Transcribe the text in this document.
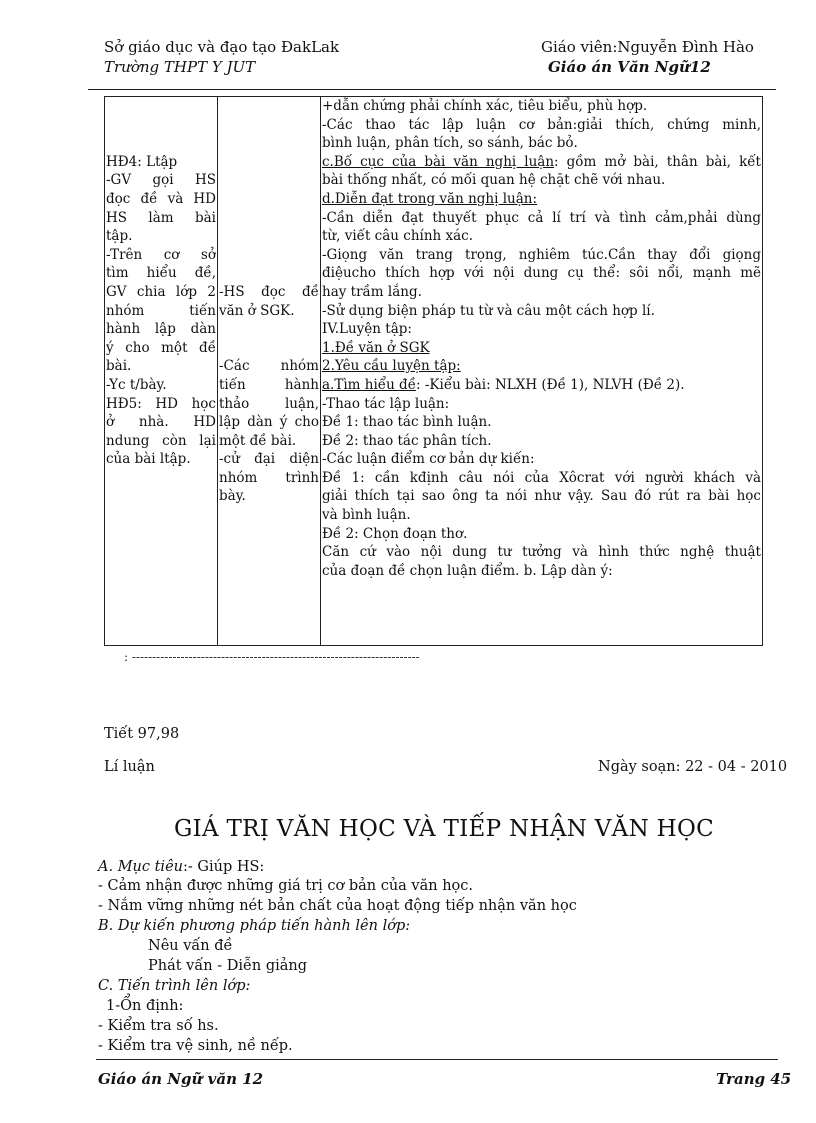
Sở giáo dục và đạo tạo ĐakLak
Trường THPT Y JUT
Giáo viên:Nguyễn Đình Hào
Giáo án Văn Ngữ12

HĐ4: Ltập
-GV gọi HS
đọc đề và HD
HS làm bài
tập.
-Trên cơ sở
tìm hiểu đề,
GV chia lớp 2
nhóm tiến
hành lập dàn
ý cho một đề
bài.
-Yc t/bày.
HĐ5: HD học
ở nhà. HD
ndung còn lại
của bài ltập.

-HS đọc đề
văn ở SGK.

-Các nhóm
tiến hành
thảo luận,
lập dàn ý cho
một đề bài.
-cử đại diện
nhóm trình
bày.

+dẫn chứng phải chính xác, tiêu biểu, phù hợp.
-Các thao tác lập luận cơ bản:giải thích, chứng minh,
bình luận, phân tích, so sánh, bác bỏ.
c.Bố cục của bài văn nghị luận: gồm mở bài, thân bài, kết
bài thống nhất, có mối quan hệ chặt chẽ với nhau.
d.Diễn đạt trong văn nghị luận:
-Cần diễn đạt thuyết phục cả lí trí và tình cảm,phải dùng
từ, viết câu chính xác.
-Giọng văn trang trọng, nghiêm túc.Cần thay đổi giọng
điệucho thích hợp với nội dung cụ thể: sôi nổi, mạnh mẽ
hay trầm lắng.
-Sử dụng biện pháp tu từ và câu một cách hợp lí.
IV.Luyện tập:
1.Đề văn ở SGK
2.Yêu cầu luyện tập:
a.Tìm hiểu đề: -Kiểu bài: NLXH (Đề 1), NLVH (Đề 2).
-Thao tác lập luận:
Đề 1: thao tác bình luận.
Đề 2: thao tác phân tích.
-Các luận điểm cơ bản dự kiến:
Đề 1: cần kđịnh câu nói của Xôcrat với người khách và
giải thích tại sao ông ta nói như vậy. Sau đó rút ra bài học
và bình luận.
Đề 2: Chọn đoạn thơ.
Căn cứ vào nội dung tư tưởng và hình thức nghệ thuật
của đoạn đề chọn luận điểm. b. Lập dàn ý:
: -----------------------------------------------------------------------
Tiết 97,98
Lí luận	Ngày soạn: 22 - 04 - 2010
GIÁ TRỊ VĂN HỌC VÀ TIẾP NHẬN VĂN HỌC
A. Mục tiêu:- Giúp HS:
- Cảm nhận được những giá trị cơ bản của văn học.
- Nắm vững những nét bản chất của hoạt động tiếp nhận văn học
B. Dự kiến phương pháp tiến hành lên lớp:
Nêu vấn đề
Phát vấn - Diễn giảng
C. Tiến trình lên lớp:
1-Ổn định:
- Kiểm tra số hs.
- Kiểm tra vệ sinh, nề nếp.
Giáo án Ngữ văn 12	Trang 45
